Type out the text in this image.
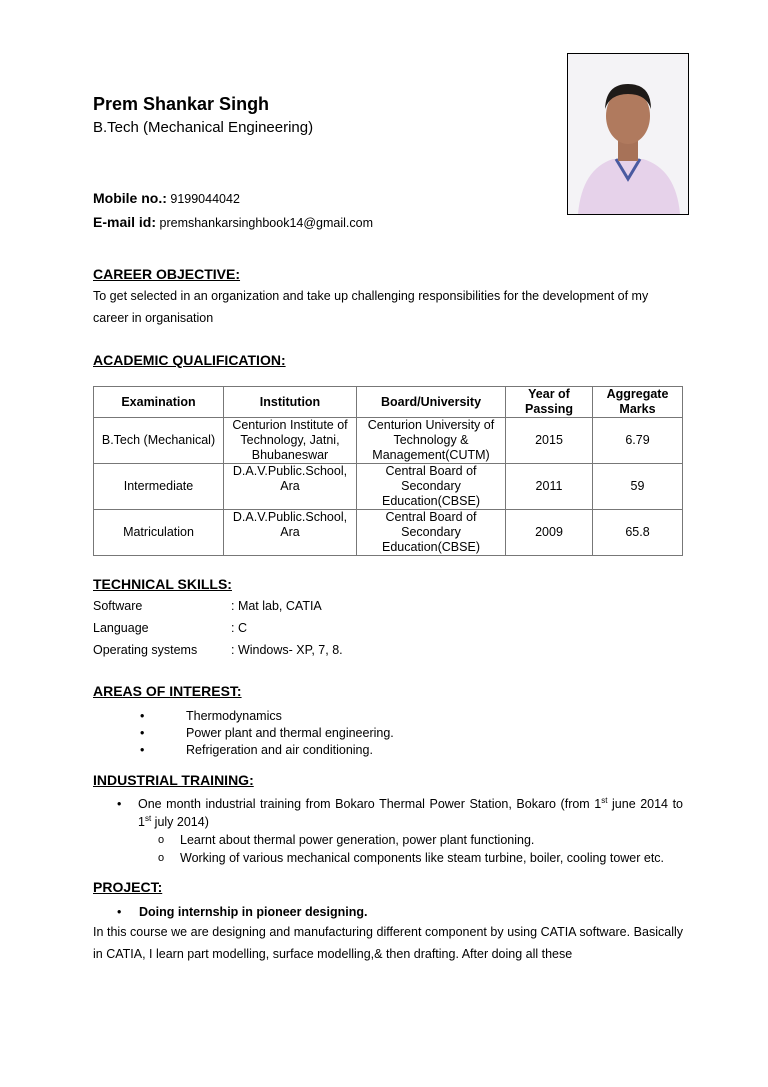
Prem Shankar Singh
B.Tech (Mechanical Engineering)
Mobile no.: 9199044042
E-mail id: premshankarsinghbook14@gmail.com
CAREER OBJECTIVE:
To get selected in an organization and take up challenging responsibilities for the development of my career in organisation
ACADEMIC QUALIFICATION:
Examination	Institution	Board/University	Year of Passing	Aggregate Marks
B.Tech (Mechanical)	Centurion Institute of Technology, Jatni, Bhubaneswar	Centurion University of Technology & Management(CUTM)	2015	6.79
Intermediate	D.A.V.Public.School, Ara	Central Board of Secondary Education(CBSE)	2011	59
Matriculation	D.A.V.Public.School, Ara	Central Board of Secondary Education(CBSE)	2009	65.8
TECHNICAL SKILLS:
Software	: Mat lab, CATIA
Language	: C
Operating systems	: Windows- XP, 7, 8.
AREAS OF INTEREST:
•	Thermodynamics
•	Power plant and thermal engineering.
•	Refrigeration and air conditioning.
INDUSTRIAL TRAINING:
•	One month industrial training from Bokaro Thermal Power Station, Bokaro (from 1st june 2014 to 1st july 2014)
o	Learnt about thermal power generation, power plant functioning.
o	Working of various mechanical components like steam turbine, boiler, cooling tower etc.
PROJECT:
•	Doing internship in pioneer designing.
In this course we are designing and manufacturing different component by using CATIA software. Basically in CATIA, I learn part modelling, surface modelling,& then drafting. After doing all these
